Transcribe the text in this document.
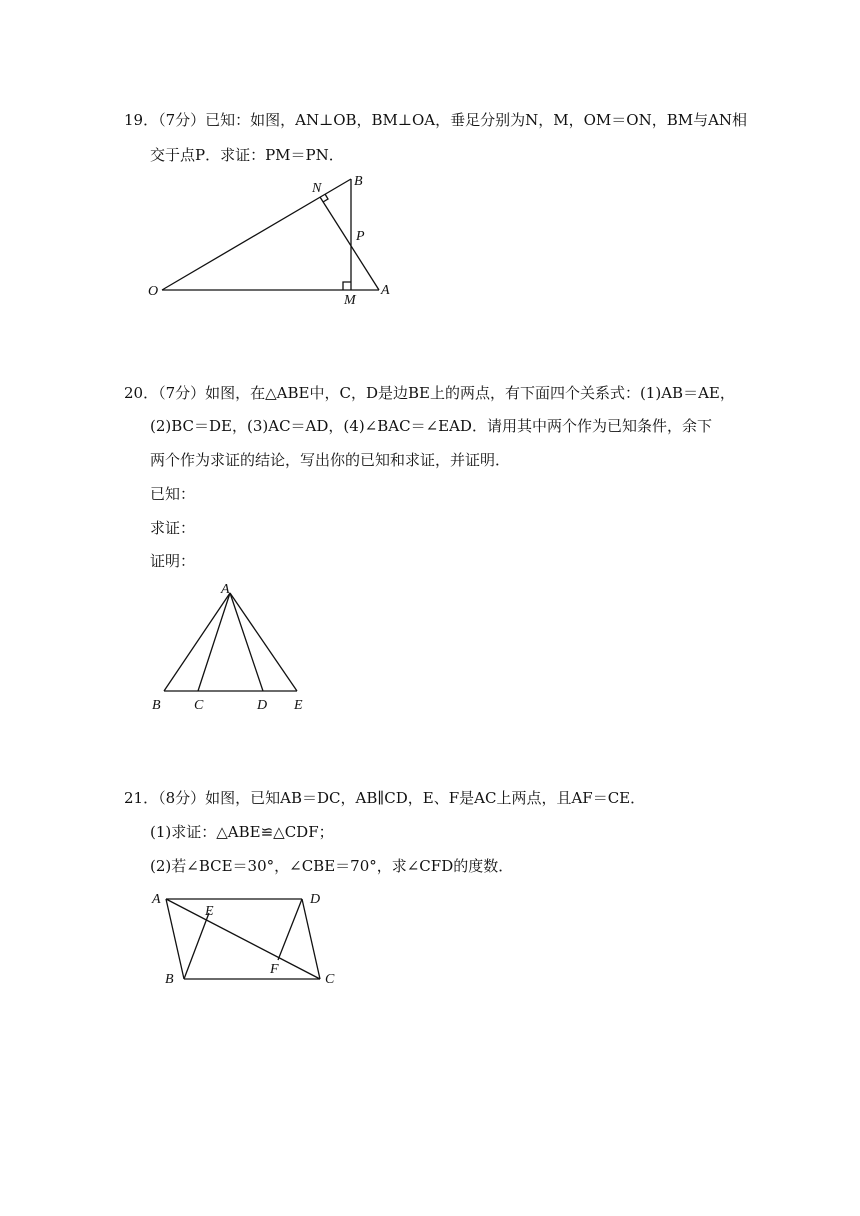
19．（7分）已知：如图，AN⊥OB，BM⊥OA，垂足分别为N，M，OM＝ON，BM与AN相
交于点P．求证：PM＝PN．
N B
P
O
M
A
20．（7分）如图，在△ABE中，C，D是边BE上的两点，有下面四个关系式：(1)AB＝AE，
(2)BC＝DE，(3)AC＝AD，(4)∠BAC＝∠EAD．请用其中两个作为已知条件，余下
两个作为求证的结论，写出你的已知和求证，并证明．
已知：
求证：
证明：
A
B C	D E
21．（8分）如图，已知AB＝DC，AB∥CD，E、F是AC上两点，且AF＝CE．
(1)求证：△ABE≌△CDF；
(2)若∠BCE＝30°，∠CBE＝70°，求∠CFD的度数．
A
E
D
B
F
C
